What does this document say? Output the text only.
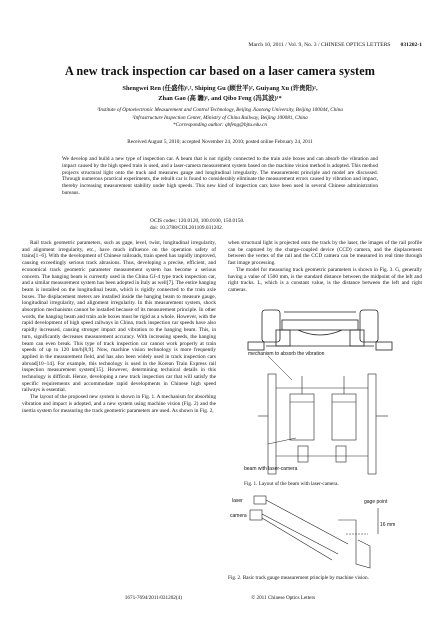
March 10, 2011 / Vol. 9, No. 3 / CHINESE OPTICS LETTERS 031202-1
A new track inspection car based on a laser camera system
Shengwei Ren (任盛伟)¹,², Shiping Gu (顾世平)², Guiyang Xu (许贵阳)²,
Zhan Gao (高 瞻)¹, and Qibo Feng (冯其波)¹*
¹Institute of Optoelectronic Measurement and Control Technology, Beijing Jiaotong University, Beijing 100044, China
²Infrastructure Inspection Center, Ministry of China Railway, Beijing 100081, China
*Corresponding author: qbfeng@bjtu.edu.cn
Received August 5, 2010; accepted November 24, 2010; posted online February 24, 2011
We develop and build a new type of inspection car. A beam that is not rigidly connected to the train axle boxes and can absorb the vibration and impact caused by the high speed train is used, and a laser-camera measurement system based on the machine vision method is adopted. This method projects structural light onto the track and measures gauge and longitudinal irregularity. The measurement principle and model are discussed. Through numerous practical experiments, the rebuilt car is found to considerably eliminate the measurement errors caused by vibration and impact, thereby increasing measurement stability under high speeds. This new kind of inspection cars have been used in several Chinese administration bureaus.
OCIS codes: 120.0120, 100.0100, 150.0150.
doi: 10.3788/COL201109.031202.

Rail track geometric parameters, such as gage, level, twist, longitudinal irregularity, and alignment irregularity, etc., have much influence on the operation safety of trains[1−6]. With the development of Chinese railroads, train speed has rapidly improved, causing exceedingly serious track abrasions. Thus, developing a precise, efficient, and economical track geometric parameter measurement system has become a serious concern. The hanging beam is currently used in the China GJ-4 type track inspection car, and a similar measurement system has been adopted in Italy as well[7]. The entire hanging beam is installed on the longitudinal beam, which is rigidly connected to the train axle boxes. The displacement meters are installed inside the hanging beam to measure gauge, longitudinal irregularity, and alignment irregularity. In this measurement system, shock absorption mechanisms cannot be installed because of its measurement principle. In other words, the hanging beam and train axle boxes must be rigid as a whole. However, with the rapid development of high speed railways in China, track inspection car speeds have also rapidly increased, causing stronger impact and vibration to the hanging beam. This, in turn, significantly decreases measurement accuracy. With increasing speeds, the hanging beam can even break. This type of track inspection car cannot work properly at train speeds of up to 120 km/h[8,9]. Now, machine vision technology is more frequently applied in the measurement field, and has also been widely used in track inspection cars abroad[10−14]. For example, this technology is used in the Korean Train Express rail inspection measurement system[15]. However, determining technical details in this technology is difficult. Hence, developing a new track inspection car that will satisfy the specific requirements and accommodate rapid developments in Chinese high speed railways is essential.

The layout of the proposed new system is shown in Fig. 1. A mechanism for absorbing vibration and impact is adopted, and a new system using machine vision (Fig. 2) and the inertia system for measuring the track geometric parameters are used. As shown in Fig. 2,

when structural light is projected onto the track by the laser, the images of the rail profile can be captured by the charge-coupled device (CCD) camera, and the displacement between the vertex of the rail and the CCD camera can be measured in real time through fast image processing.

The model for measuring track geometric parameters is shown in Fig. 3. G, generally having a value of 1500 mm, is the standard distance between the midpoint of the left and right tracks. L, which is a constant value, is the distance between the left and right cameras.

mechanism to absorb the vibration
beam with laser-camera
Fig. 1. Layout of the beam with laser-camera.
laser
camera
gage point
16 mm
Fig. 2. Basic track gauge measurement principle by machine vision.
1671-7694/2011/031202(4)	© 2011 Chinese Optics Letters
